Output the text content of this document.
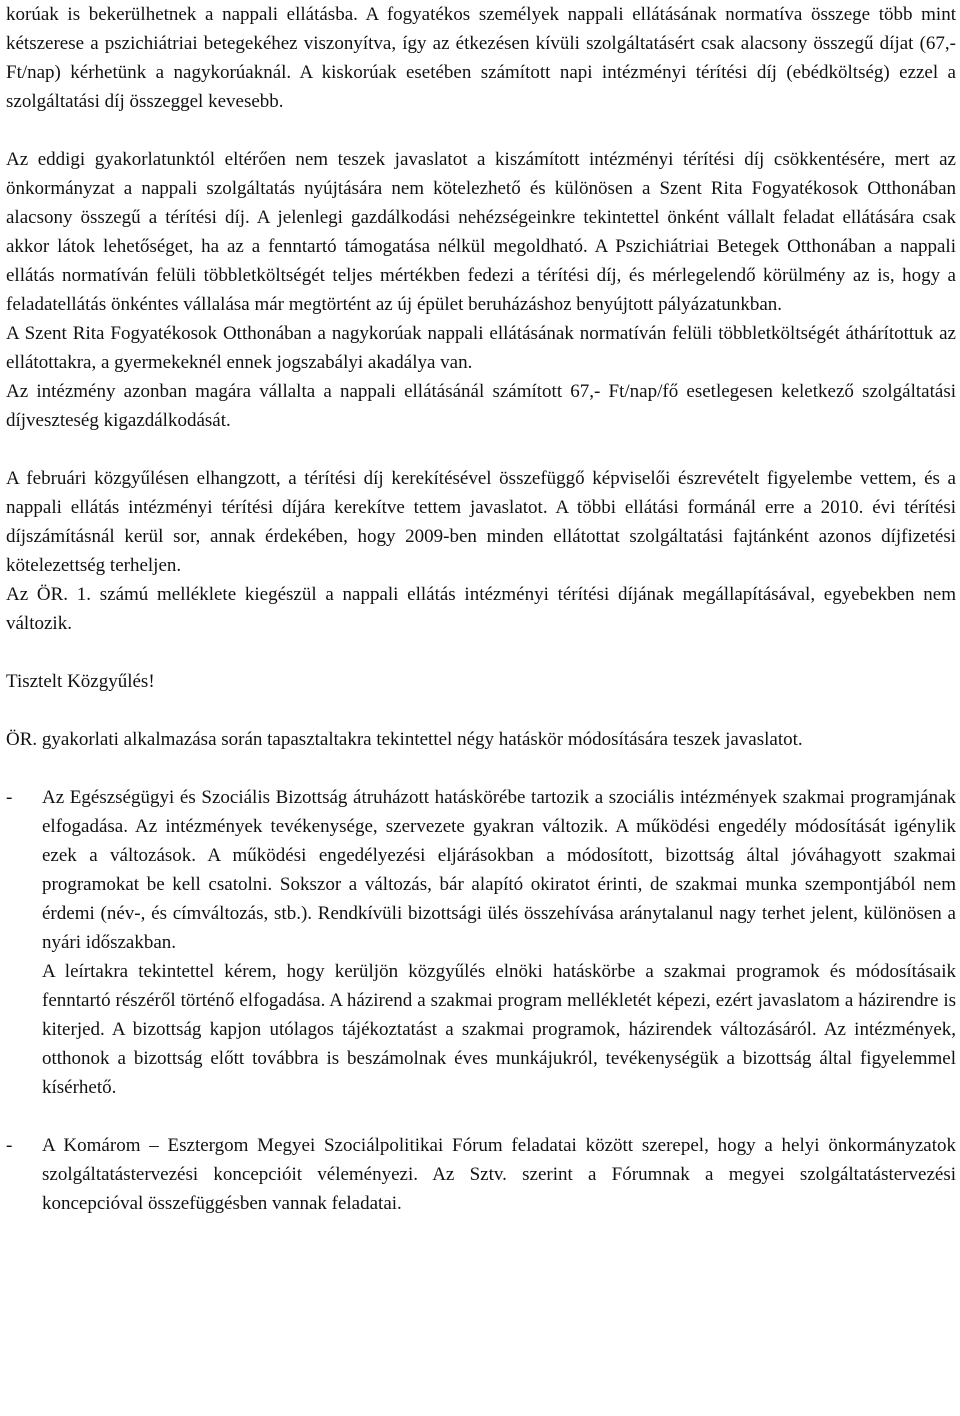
korúak is bekerülhetnek a nappali ellátásba. A fogyatékos személyek nappali ellátásának normatíva összege több mint kétszerese a pszichiátriai betegekéhez viszonyítva, így az étkezésen kívüli szolgáltatásért csak alacsony összegű díjat (67,- Ft/nap) kérhetünk a nagykorúaknál. A kiskorúak esetében számított napi intézményi térítési díj (ebédköltség) ezzel a szolgáltatási díj összeggel kevesebb.

Az eddigi gyakorlatunktól eltérően nem teszek javaslatot a kiszámított intézményi térítési díj csökkentésére, mert az önkormányzat a nappali szolgáltatás nyújtására nem kötelezhető és különösen a Szent Rita Fogyatékosok Otthonában alacsony összegű a térítési díj. A jelenlegi gazdálkodási nehézségeinkre tekintettel önként vállalt feladat ellátására csak akkor látok lehetőséget, ha az a fenntartó támogatása nélkül megoldható. A Pszichiátriai Betegek Otthonában a nappali ellátás normatíván felüli többletköltségét teljes mértékben fedezi a térítési díj, és mérlegelendő körülmény az is, hogy a feladatellátás önkéntes vállalása már megtörtént az új épület beruházáshoz benyújtott pályázatunkban.

A Szent Rita Fogyatékosok Otthonában a nagykorúak nappali ellátásának normatíván felüli többletköltségét áthárítottuk az ellátottakra, a gyermekeknél ennek jogszabályi akadálya van.

Az intézmény azonban magára vállalta a nappali ellátásánál számított 67,- Ft/nap/fő esetlegesen keletkező szolgáltatási díjveszteség kigazdálkodását.

A februári közgyűlésen elhangzott, a térítési díj kerekítésével összefüggő képviselői észrevételt figyelembe vettem, és a nappali ellátás intézményi térítési díjára kerekítve tettem javaslatot. A többi ellátási formánál erre a 2010. évi térítési díjszámításnál kerül sor, annak érdekében, hogy 2009-ben minden ellátottat szolgáltatási fajtánként azonos díjfizetési kötelezettség terheljen.

Az ÖR. 1. számú melléklete kiegészül a nappali ellátás intézményi térítési díjának megállapításával, egyebekben nem változik.

Tisztelt Közgyűlés!

ÖR. gyakorlati alkalmazása során tapasztaltakra tekintettel négy hatáskör módosítására teszek javaslatot.

- Az Egészségügyi és Szociális Bizottság átruházott hatáskörébe tartozik a szociális intézmények szakmai programjának elfogadása. Az intézmények tevékenysége, szervezete gyakran változik. A működési engedély módosítását igénylik ezek a változások. A működési engedélyezési eljárásokban a módosított, bizottság által jóváhagyott szakmai programokat be kell csatolni. Sokszor a változás, bár alapító okiratot érinti, de szakmai munka szempontjából nem érdemi (név-, és címváltozás, stb.). Rendkívüli bizottsági ülés összehívása aránytalanul nagy terhet jelent, különösen a nyári időszakban.

A leírtakra tekintettel kérem, hogy kerüljön közgyűlés elnöki hatáskörbe a szakmai programok és módosításaik fenntartó részéről történő elfogadása. A házirend a szakmai program mellékletét képezi, ezért javaslatom a házirendre is kiterjed. A bizottság kapjon utólagos tájékoztatást a szakmai programok, házirendek változásáról. Az intézmények, otthonok a bizottság előtt továbbra is beszámolnak éves munkájukról, tevékenységük a bizottság által figyelemmel kísérhető.

- A Komárom – Esztergom Megyei Szociálpolitikai Fórum feladatai között szerepel, hogy a helyi önkormányzatok szolgáltatástervezési koncepcióit véleményezi. Az Sztv. szerint a Fórumnak a megyei szolgáltatástervezési koncepcióval összefüggésben vannak feladatai.
